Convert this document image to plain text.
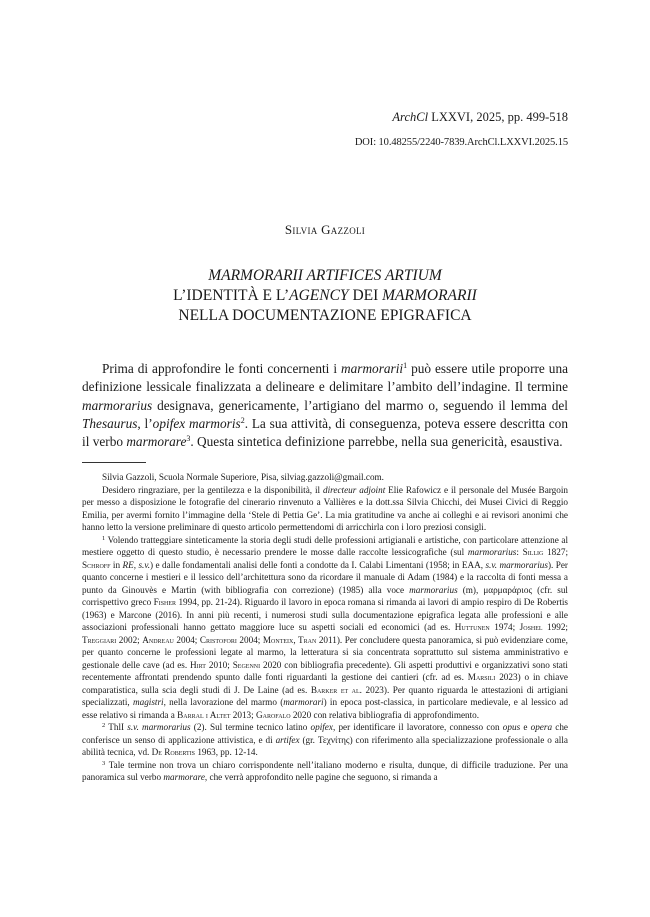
ArchCl LXXVI, 2025, pp. 499-518
DOI: 10.48255/2240-7839.ArchCl.LXXVI.2025.15
Silvia Gazzoli
MARMORARII ARTIFICES ARTIUM
L’IDENTITÀ E L’AGENCY DEI MARMORARII
NELLA DOCUMENTAZIONE EPIGRAFICA

Prima di approfondire le fonti concernenti i marmorarii$^1$ può essere utile proporre una definizione lessicale finalizzata a delineare e delimitare l’ambito dell’indagine. Il termine marmorarius designava, genericamente, l’artigiano del marmo o, seguendo il lemma del Thesaurus, l’opifex marmoris$^2$. La sua attività, di conseguenza, poteva essere descritta con il verbo marmorare$^3$. Questa sintetica definizione parrebbe, nella sua genericità, esaustiva.

Silvia Gazzoli, Scuola Normale Superiore, Pisa, silviag.gazzoli@gmail.com.

Desidero ringraziare, per la gentilezza e la disponibilità, il directeur adjoint Elie Rafowicz e il personale del Musée Bargoin per messo a disposizione le fotografie del cinerario rinvenuto a Vallières e la dott.ssa Silvia Chicchi, dei Musei Civici di Reggio Emilia, per avermi fornito l’immagine della ‘Stele di Pettia Ge’. La mia gratitudine va anche ai colleghi e ai revisori anonimi che hanno letto la versione preliminare di questo articolo permettendomi di arricchirla con i loro preziosi consigli.

$^1$ Volendo tratteggiare sinteticamente la storia degli studi delle professioni artigianali e artistiche, con particolare attenzione al mestiere oggetto di questo studio, è necessario prendere le mosse dalle raccolte lessicografiche (sul marmorarius: Sillig 1827; Schroff in RE, s.v.) e dalle fondamentali analisi delle fonti a condotte da I. Calabi Limentani (1958; in EAA, s.v. marmorarius). Per quanto concerne i mestieri e il lessico dell’architettura sono da ricordare il manuale di Adam (1984) e la raccolta di fonti messa a punto da Ginouvès e Martin (with bibliografia con correzione) (1985) alla voce marmorarius (m), μαρμαράριος (cfr. sul corrispettivo greco Fisher 1994, pp. 21-24). Riguardo il lavoro in epoca romana si rimanda ai lavori di ampio respiro di De Robertis (1963) e Marcone (2016). In anni più recenti, i numerosi studi sulla documentazione epigrafica legata alle professioni e alle associazioni professionali hanno gettato maggiore luce su aspetti sociali ed economici (ad es. Huttunen 1974; Joshel 1992; Treggiari 2002; Andreau 2004; Cristofori 2004; Monteix, Tran 2011). Per concludere questa panoramica, si può evidenziare come, per quanto concerne le professioni legate al marmo, la letteratura si sia concentrata soprattutto sul sistema amministrativo e gestionale delle cave (ad es. Hirt 2010; Segenni 2020 con bibliografia precedente). Gli aspetti produttivi e organizzativi sono stati recentemente affrontati prendendo spunto dalle fonti riguardanti la gestione dei cantieri (cfr. ad es. Marsili 2023) o in chiave comparatistica, sulla scia degli studi di J. De Laine (ad es. Barker et al. 2023). Per quanto riguarda le attestazioni di artigiani specializzati, magistri, nella lavorazione del marmo (marmorari) in epoca post-classica, in particolare medievale, e al lessico ad esse relativo si rimanda a Barral i Altet 2013; Garofalo 2020 con relativa bibliografia di approfondimento.

$^2$ ThlI s.v. marmorarius (2). Sul termine tecnico latino opifex, per identificare il lavoratore, connesso con opus e opera che conferisce un senso di applicazione attivistica, e di artifex (gr. Τεχνίτης) con riferimento alla specializzazione professionale o alla abilità tecnica, vd. De Robertis 1963, pp. 12-14.

$^3$ Tale termine non trova un chiaro corrispondente nell’italiano moderno e risulta, dunque, di difficile traduzione. Per una panoramica sul verbo marmorare, che verrà approfondito nelle pagine che seguono, si rimanda a
